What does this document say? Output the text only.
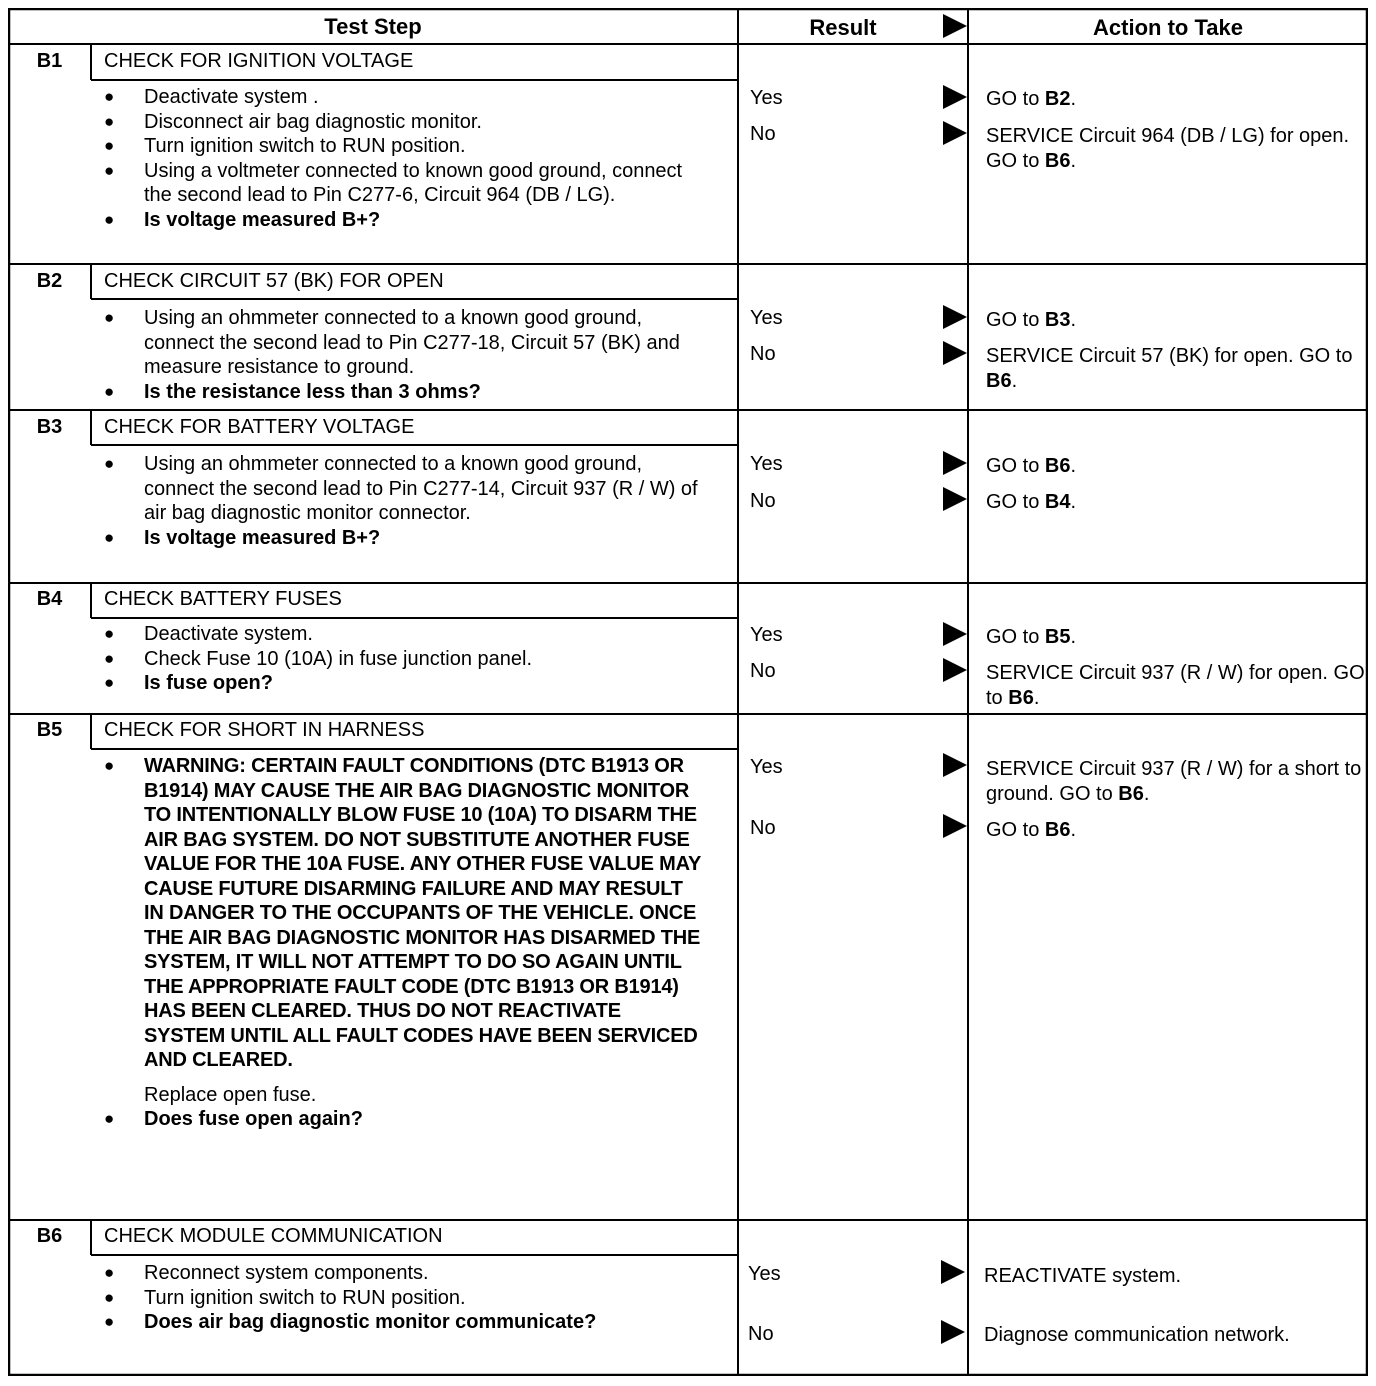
Test Step	Result	Action to Take
B1	CHECK FOR IGNITION VOLTAGE
● Deactivate system .
● Disconnect air bag diagnostic monitor.
● Turn ignition switch to RUN position.
● Using a voltmeter connected to known good ground, connect the second lead to Pin C277-6, Circuit 964 (DB / LG).
● Is voltage measured B+?
Yes	GO to B2.
No	SERVICE Circuit 964 (DB / LG) for open. GO to B6.
B2	CHECK CIRCUIT 57 (BK) FOR OPEN
● Using an ohmmeter connected to a known good ground, connect the second lead to Pin C277-18, Circuit 57 (BK) and measure resistance to ground.
● Is the resistance less than 3 ohms?
Yes	GO to B3.
No	SERVICE Circuit 57 (BK) for open. GO to B6.
B3	CHECK FOR BATTERY VOLTAGE
● Using an ohmmeter connected to a known good ground, connect the second lead to Pin C277-14, Circuit 937 (R / W) of air bag diagnostic monitor connector.
● Is voltage measured B+?
Yes	GO to B6.
No	GO to B4.
B4	CHECK BATTERY FUSES
● Deactivate system.
● Check Fuse 10 (10A) in fuse junction panel.
● Is fuse open?
Yes	GO to B5.
No	SERVICE Circuit 937 (R / W) for open. GO to B6.
B5	CHECK FOR SHORT IN HARNESS
● WARNING: CERTAIN FAULT CONDITIONS (DTC B1913 OR B1914) MAY CAUSE THE AIR BAG DIAGNOSTIC MONITOR TO INTENTIONALLY BLOW FUSE 10 (10A) TO DISARM THE AIR BAG SYSTEM. DO NOT SUBSTITUTE ANOTHER FUSE VALUE FOR THE 10A FUSE. ANY OTHER FUSE VALUE MAY CAUSE FUTURE DISARMING FAILURE AND MAY RESULT IN DANGER TO THE OCCUPANTS OF THE VEHICLE. ONCE THE AIR BAG DIAGNOSTIC MONITOR HAS DISARMED THE SYSTEM, IT WILL NOT ATTEMPT TO DO SO AGAIN UNTIL THE APPROPRIATE FAULT CODE (DTC B1913 OR B1914) HAS BEEN CLEARED. THUS DO NOT REACTIVATE SYSTEM UNTIL ALL FAULT CODES HAVE BEEN SERVICED AND CLEARED.
Replace open fuse.
● Does fuse open again?
Yes	SERVICE Circuit 937 (R / W) for a short to ground. GO to B6.
No	GO to B6.
B6	CHECK MODULE COMMUNICATION
● Reconnect system components.
● Turn ignition switch to RUN position.
● Does air bag diagnostic monitor communicate?
Yes	REACTIVATE system.
No	Diagnose communication network.
